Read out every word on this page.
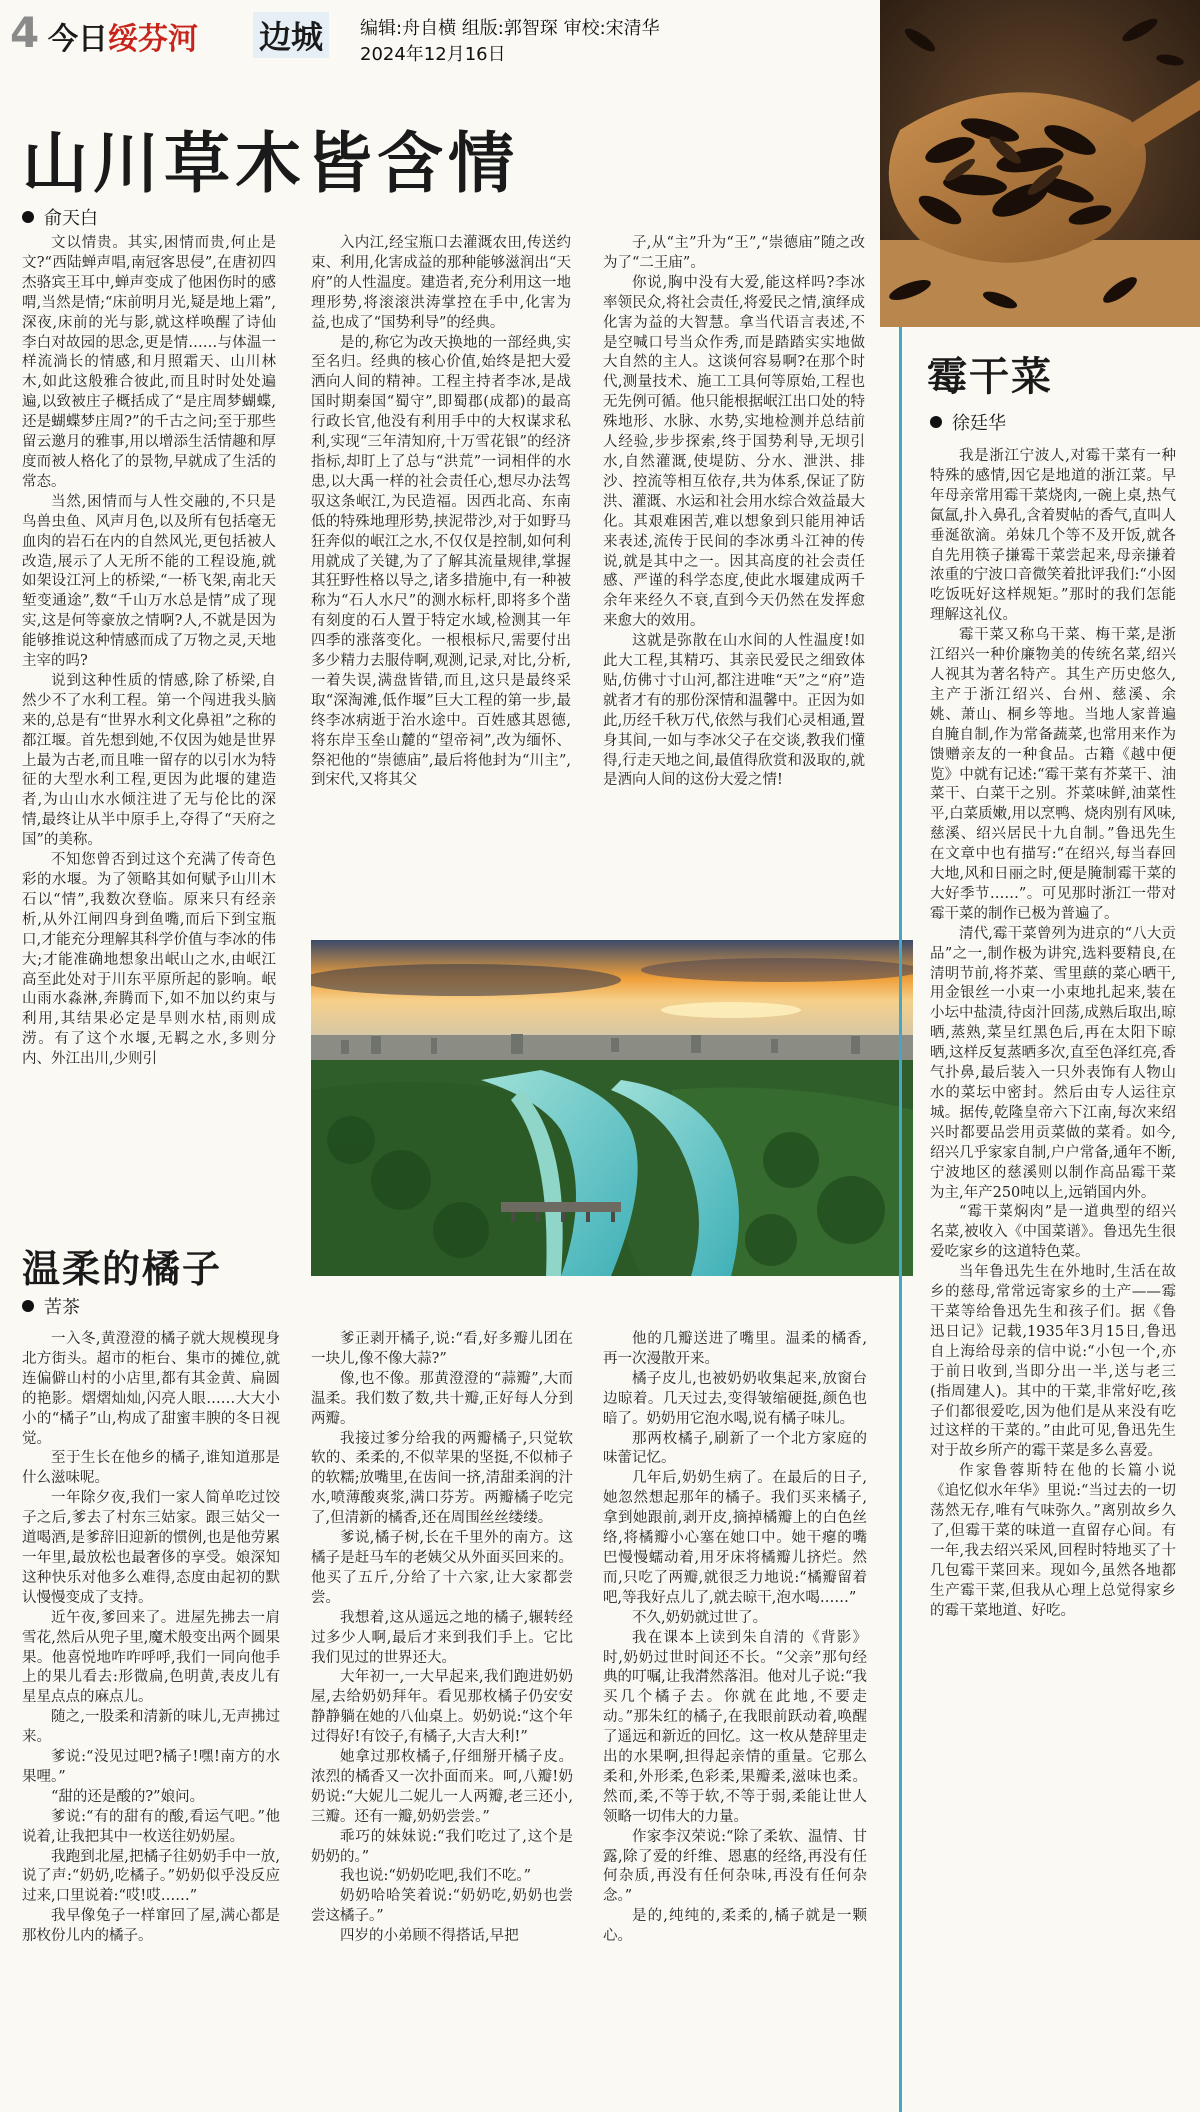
4 今日绥芬河 边城	编辑:舟自横 组版:郭智琛 审校:宋清华
2024年12月16日
山川草木皆含情
俞天白

文以情贵。其实,困情而贵,何止是文?“西陆蝉声唱,南冠客思侵”,在唐初四杰骆宾王耳中,蝉声变成了他困伤时的感喟,当然是情;“床前明月光,疑是地上霜”,深夜,床前的光与影,就这样唤醒了诗仙李白对故园的思念,更是情……与体温一样流淌长的情感,和月照霜天、山川林木,如此这般雅合彼此,而且时时处处遍遍,以致被庄子概括成了“是庄周梦蝴蝶,还是蝴蝶梦庄周?”的千古之问;至于那些留云邀月的雅事,用以增添生活情趣和厚度而被人格化了的景物,早就成了生活的常态。

当然,困情而与人性交融的,不只是鸟兽虫鱼、风声月色,以及所有包括毫无血肉的岩石在内的自然风光,更包括被人改造,展示了人无所不能的工程设施,就如架设江河上的桥梁,“一桥飞架,南北天堑变通途”,数“千山万水总是情”成了现实,这是何等豪放之情啊?人,不就是因为能够推说这种情感而成了万物之灵,天地主宰的吗?

说到这种性质的情感,除了桥梁,自然少不了水利工程。第一个闯进我头脑来的,总是有“世界水利文化鼻祖”之称的都江堰。首先想到她,不仅因为她是世界上最为古老,而且唯一留存的以引水为特征的大型水利工程,更因为此堰的建造者,为山山水水倾注进了无与伦比的深情,最终让从半中原手上,夺得了“天府之国”的美称。

不知您曾否到过这个充满了传奇色彩的水堰。为了领略其如何赋予山川木石以“情”,我数次登临。原来只有经亲析,从外江闸四身到鱼嘴,而后下到宝瓶口,才能充分理解其科学价值与李冰的伟大;才能准确地想象出岷山之水,由岷江高至此处对于川东平原所起的影响。岷山雨水淼淋,奔腾而下,如不加以约束与利用,其结果必定是旱则水枯,雨则成涝。有了这个水堰,无羁之水,多则分内、外江出川,少则引

入内江,经宝瓶口去灌溉农田,传送约束、利用,化害成益的那种能够滋润出“天府”的人性温度。建造者,充分利用这一地理形势,将滚滚洪涛掌控在手中,化害为益,也成了“国势利导”的经典。

是的,称它为改天换地的一部经典,实至名归。经典的核心价值,始终是把大爱洒向人间的精神。工程主持者李冰,是战国时期秦国“蜀守”,即蜀郡(成都)的最高行政长官,他没有利用手中的大权谋求私利,实现“三年清知府,十万雪花银”的经济指标,却盯上了总与“洪荒”一词相伴的水患,以大禹一样的社会责任心,想尽办法驾驭这条岷江,为民造福。因西北高、东南低的特殊地理形势,挟泥带沙,对于如野马狂奔似的岷江之水,不仅仅是控制,如何利用就成了关键,为了了解其流量规律,掌握其狂野性格以导之,诸多措施中,有一种被称为“石人水尺”的测水标杆,即将多个凿有刻度的石人置于特定水域,检测其一年四季的涨落变化。一根根标尺,需要付出多少精力去服侍啊,观测,记录,对比,分析,一着失误,满盘皆错,而且,这只是最终采取“深淘滩,低作堰”巨大工程的第一步,最终李冰病逝于治水途中。百姓感其恩德,将东岸玉垒山麓的“望帝祠”,改为缅怀、祭祀他的“崇德庙”,最后将他封为“川主”,到宋代,又将其父

子,从“主”升为“王”,“崇德庙”随之改为了“二王庙”。

你说,胸中没有大爱,能这样吗?李冰率领民众,将社会责任,将爱民之情,演绎成化害为益的大智慧。拿当代语言表述,不是空喊口号当众作秀,而是踏踏实实地做大自然的主人。这谈何容易啊?在那个时代,测量技术、施工工具何等原始,工程也无先例可循。他只能根据岷江出口处的特殊地形、水脉、水势,实地检测并总结前人经验,步步探索,终于国势利导,无坝引水,自然灌溉,使堤防、分水、泄洪、排沙、控流等相互依存,共为体系,保证了防洪、灌溉、水运和社会用水综合效益最大化。其艰难困苦,难以想象到只能用神话来表述,流传于民间的李冰勇斗江神的传说,就是其中之一。因其高度的社会责任感、严谨的科学态度,使此水堰建成两千余年来经久不衰,直到今天仍然在发挥愈来愈大的效用。

这就是弥散在山水间的人性温度!如此大工程,其精巧、其亲民爱民之细致体贴,仿佛寸寸山河,都注进唯“天”之“府”造就者才有的那份深情和温馨中。正因为如此,历经千秋万代,依然与我们心灵相通,置身其间,一如与李冰父子在交谈,教我们懂得,行走天地之间,最值得欣赏和汲取的,就是洒向人间的这份大爱之情!

霉干菜
徐廷华

我是浙江宁波人,对霉干菜有一种特殊的感情,因它是地道的浙江菜。早年母亲常用霉干菜烧肉,一碗上桌,热气氤氲,扑入鼻孔,含着熨帖的香气,直叫人垂涎欲滴。弟妹几个等不及开饭,就各自先用筷子搛霉干菜尝起来,母亲搛着浓重的宁波口音微笑着批评我们:“小囡吃饭呒好这样规矩。”那时的我们怎能理解这礼仪。

霉干菜又称乌干菜、梅干菜,是浙江绍兴一种价廉物美的传统名菜,绍兴人视其为著名特产。其生产历史悠久,主产于浙江绍兴、台州、慈溪、余姚、萧山、桐乡等地。当地人家普遍自腌自制,作为常备蔬菜,也常用来作为馈赠亲友的一种食品。古籍《越中便览》中就有记述:“霉干菜有芥菜干、油菜干、白菜干之别。芥菜味鲜,油菜性平,白菜质嫩,用以烹鸭、烧肉别有风味,慈溪、绍兴居民十九自制。”鲁迅先生在文章中也有描写:“在绍兴,每当春回大地,风和日丽之时,便是腌制霉干菜的大好季节……”。可见那时浙江一带对霉干菜的制作已极为普遍了。

清代,霉干菜曾列为进京的“八大贡品”之一,制作极为讲究,选料要精良,在清明节前,将芥菜、雪里蕻的菜心晒干,用金银丝一小束一小束地扎起来,装在小坛中盐渍,待卤汁回荡,成熟后取出,晾晒,蒸熟,菜呈红黑色后,再在太阳下晾晒,这样反复蒸晒多次,直至色泽红亮,香气扑鼻,最后装入一只外表饰有人物山水的菜坛中密封。然后由专人运往京城。据传,乾隆皇帝六下江南,每次来绍兴时都要品尝用贡菜做的菜肴。如今,绍兴几乎家家自制,户户常备,通年不断,宁波地区的慈溪则以制作高品霉干菜为主,年产250吨以上,远销国内外。

“霉干菜焖肉”是一道典型的绍兴名菜,被收入《中国菜谱》。鲁迅先生很爱吃家乡的这道特色菜。

当年鲁迅先生在外地时,生活在故乡的慈母,常常远寄家乡的土产——霉干菜等给鲁迅先生和孩子们。据《鲁迅日记》记载,1935年3月15日,鲁迅自上海给母亲的信中说:“小包一个,亦于前日收到,当即分出一半,送与老三(指周建人)。其中的干菜,非常好吃,孩子们都很爱吃,因为他们是从来没有吃过这样的干菜的。”由此可见,鲁迅先生对于故乡所产的霉干菜是多么喜爱。

作家鲁蓉斯特在他的长篇小说《追忆似水年华》里说:“当过去的一切荡然无存,唯有气味弥久。”离别故乡久了,但霉干菜的味道一直留存心间。有一年,我去绍兴采风,回程时特地买了十几包霉干菜回来。现如今,虽然各地都生产霉干菜,但我从心理上总觉得家乡的霉干菜地道、好吃。

温柔的橘子
苦茶

一入冬,黄澄澄的橘子就大规模现身北方街头。超市的柜台、集市的摊位,就连偏僻山村的小店里,都有其金黄、扁圆的艳影。熠熠灿灿,闪亮人眼……大大小小的“橘子”山,构成了甜蜜丰腴的冬日视觉。

至于生长在他乡的橘子,谁知道那是什么滋味呢。

一年除夕夜,我们一家人简单吃过饺子之后,爹去了村东三姑家。跟三姑父一道喝酒,是爹辞旧迎新的惯例,也是他劳累一年里,最放松也最奢侈的享受。娘深知这种快乐对他多么难得,态度由起初的默认慢慢变成了支持。

近午夜,爹回来了。进屋先拂去一肩雪花,然后从兜子里,魔术般变出两个圆果果。他喜悦地咋咋呼呼,我们一同向他手上的果儿看去:形微扁,色明黄,表皮儿有星星点点的麻点儿。

随之,一股柔和清新的味儿,无声拂过来。

爹说:“没见过吧?橘子!嘿!南方的水果哩。”

“甜的还是酸的?”娘问。

爹说:“有的甜有的酸,看运气吧。”他说着,让我把其中一枚送往奶奶屋。

我跑到北屋,把橘子往奶奶手中一放,说了声:“奶奶,吃橘子。”奶奶似乎没反应过来,口里说着:“哎!哎……”

我早像兔子一样窜回了屋,满心都是那枚份儿内的橘子。

爹正剥开橘子,说:“看,好多瓣儿团在一块儿,像不像大蒜?”

像,也不像。那黄澄澄的“蒜瓣”,大而温柔。我们数了数,共十瓣,正好每人分到两瓣。

我接过爹分给我的两瓣橘子,只觉软软的、柔柔的,不似苹果的坚挺,不似柿子的软糯;放嘴里,在齿间一挤,清甜柔润的汁水,喷薄酸爽浆,满口芬芳。两瓣橘子吃完了,但清新的橘香,还在周围丝丝缕缕。

爹说,橘子树,长在千里外的南方。这橘子是赶马车的老姨父从外面买回来的。他买了五斤,分给了十六家,让大家都尝尝。

我想着,这从遥远之地的橘子,辗转经过多少人啊,最后才来到我们手上。它比我们见过的世界还大。

大年初一,一大早起来,我们跑进奶奶屋,去给奶奶拜年。看见那枚橘子仍安安静静躺在她的八仙桌上。奶奶说:“这个年过得好!有饺子,有橘子,大吉大利!”

她拿过那枚橘子,仔细掰开橘子皮。浓烈的橘香又一次扑面而来。呵,八瓣!奶奶说:“大妮儿二妮儿一人两瓣,老三还小,三瓣。还有一瓣,奶奶尝尝。”

乖巧的妹妹说:“我们吃过了,这个是奶奶的。”

我也说:“奶奶吃吧,我们不吃。”

奶奶哈哈笑着说:“奶奶吃,奶奶也尝尝这橘子。”

四岁的小弟顾不得搭话,早把

他的几瓣送进了嘴里。温柔的橘香,再一次漫散开来。

橘子皮儿,也被奶奶收集起来,放窗台边晾着。几天过去,变得皱缩硬挺,颜色也暗了。奶奶用它泡水喝,说有橘子味儿。

那两枚橘子,刷新了一个北方家庭的味蕾记忆。

几年后,奶奶生病了。在最后的日子,她忽然想起那年的橘子。我们买来橘子,拿到她跟前,剥开皮,摘掉橘瓣上的白色丝络,将橘瓣小心塞在她口中。她干瘪的嘴巴慢慢蠕动着,用牙床将橘瓣儿挤烂。然而,只吃了两瓣,就很乏力地说:“橘瓣留着吧,等我好点儿了,就去晾干,泡水喝……”

不久,奶奶就过世了。

我在课本上读到朱自清的《背影》时,奶奶过世时间还不长。“父亲”那句经典的叮嘱,让我潸然落泪。他对儿子说:“我买几个橘子去。你就在此地,不要走动。”那朱红的橘子,在我眼前跃动着,唤醒了遥远和新近的回忆。这一枚从楚辞里走出的水果啊,担得起亲情的重量。它那么柔和,外形柔,色彩柔,果瓣柔,滋味也柔。然而,柔,不等于软,不等于弱,柔能让世人领略一切伟大的力量。

作家李汉荣说:“除了柔软、温情、甘露,除了爱的纤维、恩惠的经络,再没有任何杂质,再没有任何杂味,再没有任何杂念。”

是的,纯纯的,柔柔的,橘子就是一颗心。
